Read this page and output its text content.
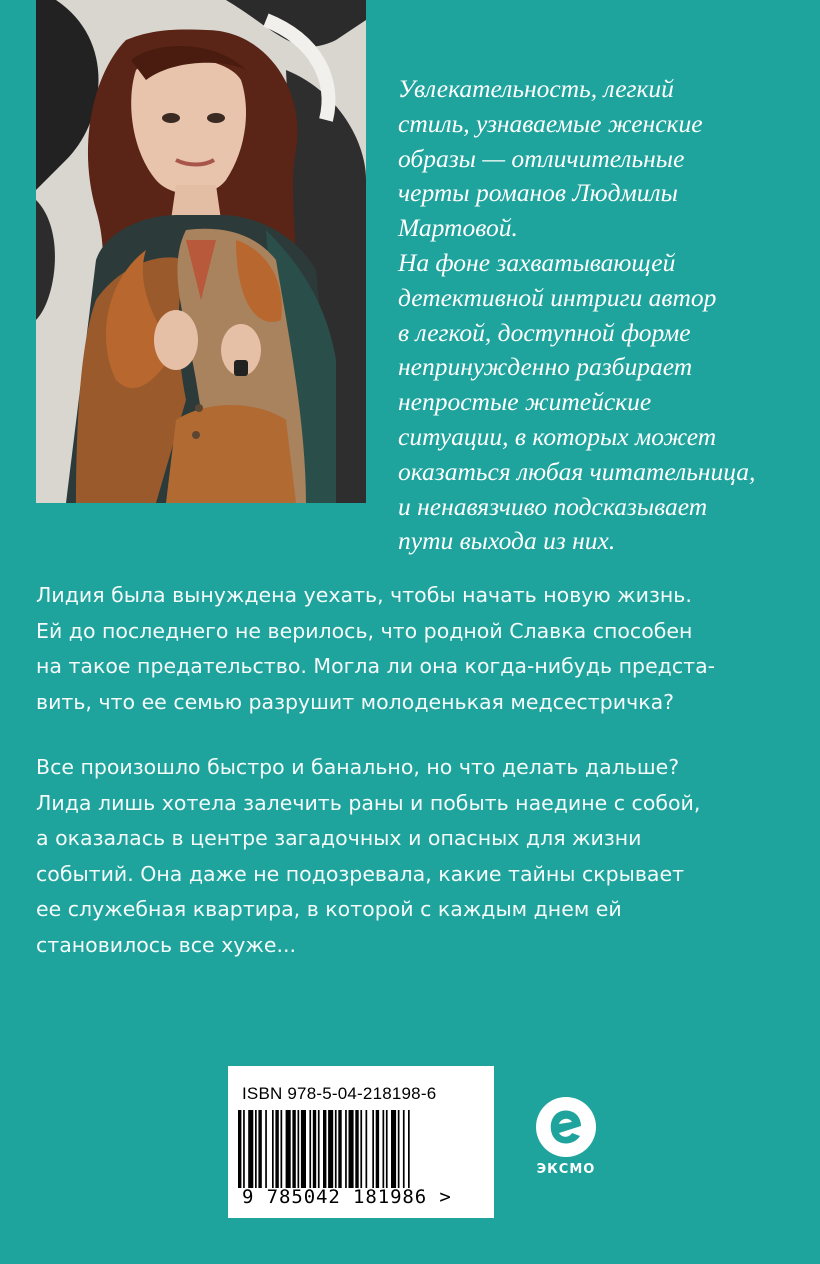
Увлекательность, легкий

стиль, узнаваемые женские

образы — отличительные

черты романов Людмилы

Мартовой.

На фоне захватывающей

детективной интриги автор

в легкой, доступной форме

непринужденно разбирает

непростые житейские

ситуации, в которых может

оказаться любая читательница,

и ненавязчиво подсказывает

пути выхода из них.

Лидия была вынуждена уехать, чтобы начать новую жизнь.
Ей до последнего не верилось, что родной Славка способен
на такое предательство. Могла ли она когда-нибудь предста-
вить, что ее семью разрушит молоденькая медсестричка?

Все произошло быстро и банально, но что делать дальше?
Лида лишь хотела залечить раны и побыть наедине с собой,
а оказалась в центре загадочных и опасных для жизни
событий. Она даже не подозревала, какие тайны скрывает
ее служебная квартира, в которой с каждым днем ей
становилось все хуже...

ISBN 978-5-04-218198-6
9 785042 181986 >
ЭКСМО
